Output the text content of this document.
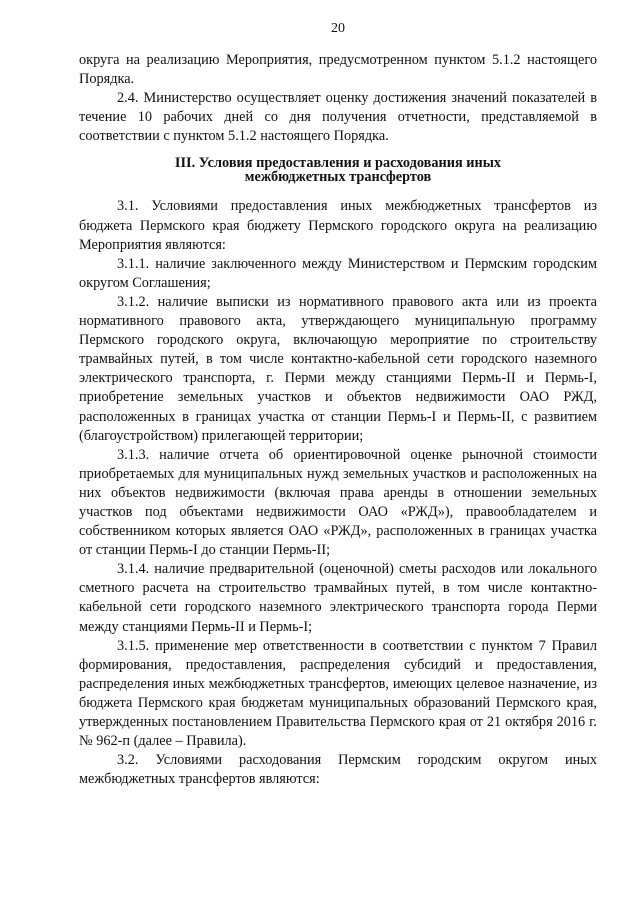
20

округа на реализацию Мероприятия, предусмотренном пунктом 5.1.2 настоящего Порядка.

2.4. Министерство осуществляет оценку достижения значений показателей в течение 10 рабочих дней со дня получения отчетности, представляемой в соответствии с пунктом 5.1.2 настоящего Порядка.

III. Условия предоставления и расходования иных
межбюджетных трансфертов

3.1. Условиями предоставления иных межбюджетных трансфертов из бюджета Пермского края бюджету Пермского городского округа на реализацию Мероприятия являются:

3.1.1. наличие заключенного между Министерством и Пермским городским округом Соглашения;

3.1.2. наличие выписки из нормативного правового акта или из проекта нормативного правового акта, утверждающего муниципальную программу Пермского городского округа, включающую мероприятие по строительству трамвайных путей, в том числе контактно-кабельной сети городского наземного электрического транспорта, г. Перми между станциями Пермь-II и Пермь-I, приобретение земельных участков и объектов недвижимости ОАО РЖД, расположенных в границах участка от станции Пермь-I и Пермь-II, с развитием (благоустройством) прилегающей территории;

3.1.3. наличие отчета об ориентировочной оценке рыночной стоимости приобретаемых для муниципальных нужд земельных участков и расположенных на них объектов недвижимости (включая права аренды в отношении земельных участков под объектами недвижимости ОАО «РЖД»), правообладателем и собственником которых является ОАО «РЖД», расположенных в границах участка от станции Пермь-I до станции Пермь-II;

3.1.4. наличие предварительной (оценочной) сметы расходов или локального сметного расчета на строительство трамвайных путей, в том числе контактно-кабельной сети городского наземного электрического транспорта города Перми между станциями Пермь-II и Пермь-I;

3.1.5. применение мер ответственности в соответствии с пунктом 7 Правил формирования, предоставления, распределения субсидий и предоставления, распределения иных межбюджетных трансфертов, имеющих целевое назначение, из бюджета Пермского края бюджетам муниципальных образований Пермского края, утвержденных постановлением Правительства Пермского края от 21 октября 2016 г. № 962-п (далее – Правила).

3.2. Условиями расходования Пермским городским округом иных межбюджетных трансфертов являются:
